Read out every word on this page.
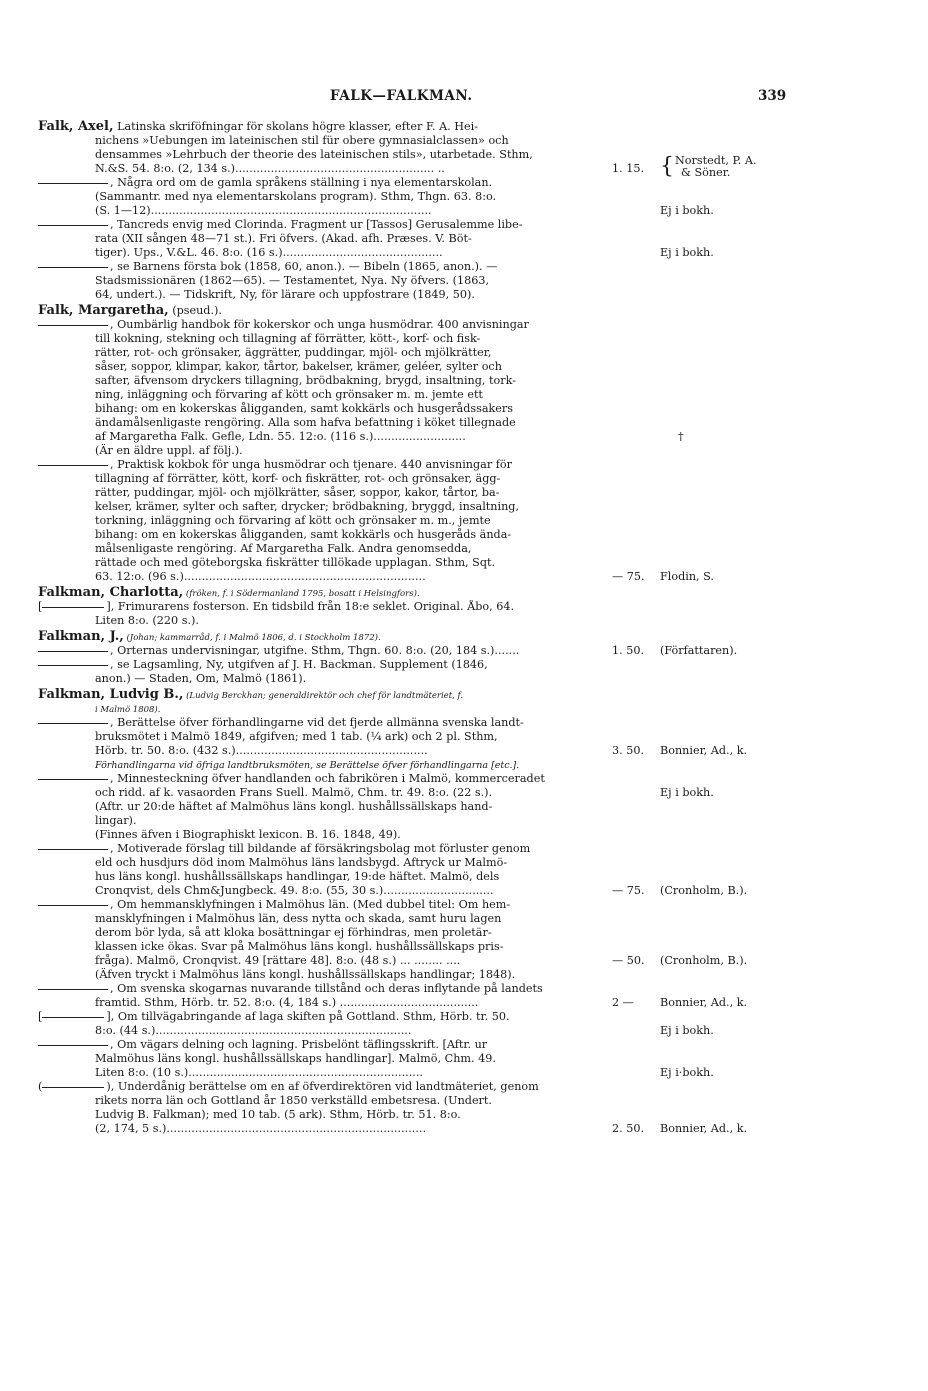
FALK—FALKMAN.	339
Falk, Axel, Latinska skriföfningar för skolans högre klasser, efter F. A. Hei-
nichens »Uebungen im lateinischen stil für obere gymnasialclassen» och
densammes »Lehrbuch der theorie des lateinischen stils», utarbetade. Sthm,
N.&S. 54. 8:o. (2, 134 s.)........................................................ ..	1. 15. { Norstedt, P. A.
& Söner.
, Några ord om de gamla språkens ställning i nya elementarskolan.
(Sammantr. med nya elementarskolans program). Sthm, Thgn. 63. 8:o.
(S. 1—12)...............................................................................	Ej i bokh.
, Tancreds envig med Clorinda. Fragment ur [Tassos] Gerusalemme libe-
rata (XII sången 48—71 st.). Fri öfvers. (Akad. afh. Præses. V. Böt-
tiger). Ups., V.&L. 46. 8:o. (16 s.).............................................	Ej i bokh.
, se Barnens första bok (1858, 60, anon.). — Bibeln (1865, anon.). —
Stadsmissionären (1862—65). — Testamentet, Nya. Ny öfvers. (1863,
64, undert.). — Tidskrift, Ny, för lärare och uppfostrare (1849, 50).
Falk, Margaretha, (pseud.).
, Oumbärlig handbok för kokerskor och unga husmödrar. 400 anvisningar
till kokning, stekning och tillagning af förrätter, kött-, korf- och fisk-
rätter, rot- och grönsaker, äggrätter, puddingar, mjöl- och mjölkrätter,
såser, soppor, klimpar, kakor, tårtor, bakelser, krämer, geléer, sylter och
safter, äfvensom dryckers tillagning, brödbakning, brygd, insaltning, tork-
ning, inläggning och förvaring af kött och grönsaker m. m. jemte ett
bihang: om en kokerskas åligganden, samt kokkärls och husgerådssakers
ändamålsenligaste rengöring. Alla som hafva befattning i köket tillegnade
af Margaretha Falk. Gefle, Ldn. 55. 12:o. (116 s.)..........................	†
(Är en äldre uppl. af följ.).
, Praktisk kokbok för unga husmödrar och tjenare. 440 anvisningar för
tillagning af förrätter, kött, korf- och fiskrätter, rot- och grönsaker, ägg-
rätter, puddingar, mjöl- och mjölkrätter, såser, soppor, kakor, tårtor, ba-
kelser, krämer, sylter och safter, drycker; brödbakning, bryggd, insaltning,
torkning, inläggning och förvaring af kött och grönsaker m. m., jemte
bihang: om en kokerskas åligganden, samt kokkärls och husgeråds ända-
målsenligaste rengöring. Af Margaretha Falk. Andra genomsedda,
rättade och med göteborgska fiskrätter tillökade upplagan. Sthm, Sqt.
63. 12:o. (96 s.)....................................................................	— 75. Flodin, S.
Falkman, Charlotta, (fröken, f. i Södermanland 1795, bosatt i Helsingfors).
[	], Frimurarens fosterson. En tidsbild från 18:e seklet. Original. Åbo, 64.
Liten 8:o. (220 s.).
Falkman, J., (Johan; kammarråd, f. i Malmö 1806, d. i Stockholm 1872).
, Orternas undervisningar, utgifne. Sthm, Thgn. 60. 8:o. (20, 184 s.).......	1. 50. (Författaren).
, se Lagsamling, Ny, utgifven af J. H. Backman. Supplement (1846,
anon.) — Staden, Om, Malmö (1861).
Falkman, Ludvig B., (Ludvig Berckhan; generaldirektör och chef för landtmäteriet, f.
i Malmö 1808).
, Berättelse öfver förhandlingarne vid det fjerde allmänna svenska landt-
bruksmötet i Malmö 1849, afgifven; med 1 tab. (¼ ark) och 2 pl. Sthm,
Hörb. tr. 50. 8:o. (432 s.)......................................................	3. 50. Bonnier, Ad., k.
Förhandlingarna vid öfriga landtbruksmöten, se Berättelse öfver förhandlingarna [etc.].
, Minnesteckning öfver handlanden och fabrikören i Malmö, kommerceradet
och ridd. af k. vasaorden Frans Suell. Malmö, Chm. tr. 49. 8:o. (22 s.).	Ej i bokh.
(Aftr. ur 20:de häftet af Malmöhus läns kongl. hushållssällskaps hand-
lingar).
(Finnes äfven i Biographiskt lexicon. B. 16. 1848, 49).
, Motiverade förslag till bildande af försäkringsbolag mot förluster genom
eld och husdjurs död inom Malmöhus läns landsbygd. Aftryck ur Malmö-
hus läns kongl. hushållssällskaps handlingar, 19:de häftet. Malmö, dels
Cronqvist, dels Chm&Jungbeck. 49. 8:o. (55, 30 s.)...............................	— 75. (Cronholm, B.).
, Om hemmansklyfningen i Malmöhus län. (Med dubbel titel: Om hem-
mansklyfningen i Malmöhus län, dess nytta och skada, samt huru lagen
derom bör lyda, så att kloka bosättningar ej förhindras, men proletär-
klassen icke ökas. Svar på Malmöhus läns kongl. hushållssällskaps pris-
fråga). Malmö, Cronqvist. 49 [rättare 48]. 8:o. (48 s.) ... ........ ....	— 50. (Cronholm, B.).
(Äfven tryckt i Malmöhus läns kongl. hushållssällskaps handlingar; 1848).
, Om svenska skogarnas nuvarande tillstånd och deras inflytande på landets
framtid. Sthm, Hörb. tr. 52. 8:o. (4, 184 s.) .......................................	2 — Bonnier, Ad., k.
[	], Om tillvägabringande af laga skiften på Gottland. Sthm, Hörb. tr. 50.
8:o. (44 s.)........................................................................	Ej i bokh.
, Om vägars delning och lagning. Prisbelönt täflingsskrift. [Aftr. ur
Malmöhus läns kongl. hushållssällskaps handlingar]. Malmö, Chm. 49.
Liten 8:o. (10 s.)..................................................................	Ej i·bokh.
(	), Underdånig berättelse om en af öfverdirektören vid landtmäteriet, genom
rikets norra län och Gottland år 1850 verkställd embetsresa. (Undert.
Ludvig B. Falkman); med 10 tab. (5 ark). Sthm, Hörb. tr. 51. 8:o.
(2, 174, 5 s.).........................................................................	2. 50. Bonnier, Ad., k.
